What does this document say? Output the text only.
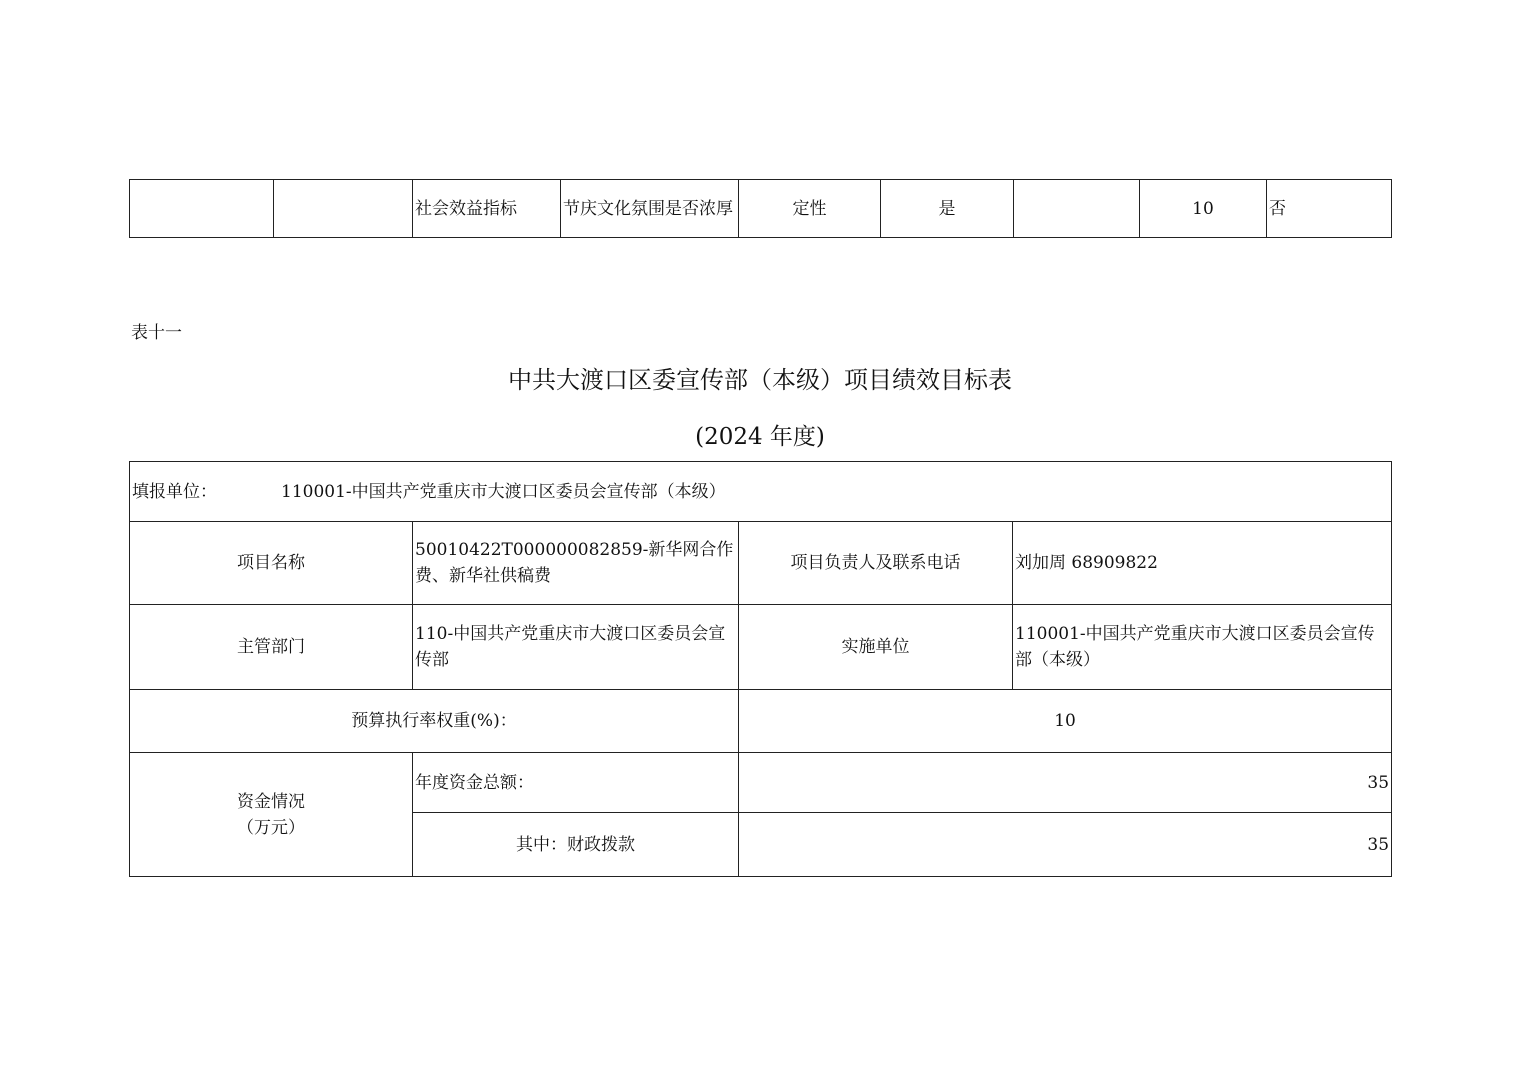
		社会效益指标	节庆文化氛围是否浓厚	定性	是		10	否
表十一
中共大渡口区委宣传部（本级）项目绩效目标表
(2024 年度)
填报单位： 110001-中国共产党重庆市大渡口区委员会宣传部（本级）			
项目名称	50010422T000000082859-新华网合作费、新华社供稿费	项目负责人及联系电话	刘加周 68909822
主管部门	110-中国共产党重庆市大渡口区委员会宣传部	实施单位	110001-中国共产党重庆市大渡口区委员会宣传部（本级）
预算执行率权重(%)：		10	

资金情况
（万元）	年度资金总额：	35	
	其中：财政拨款	35	
